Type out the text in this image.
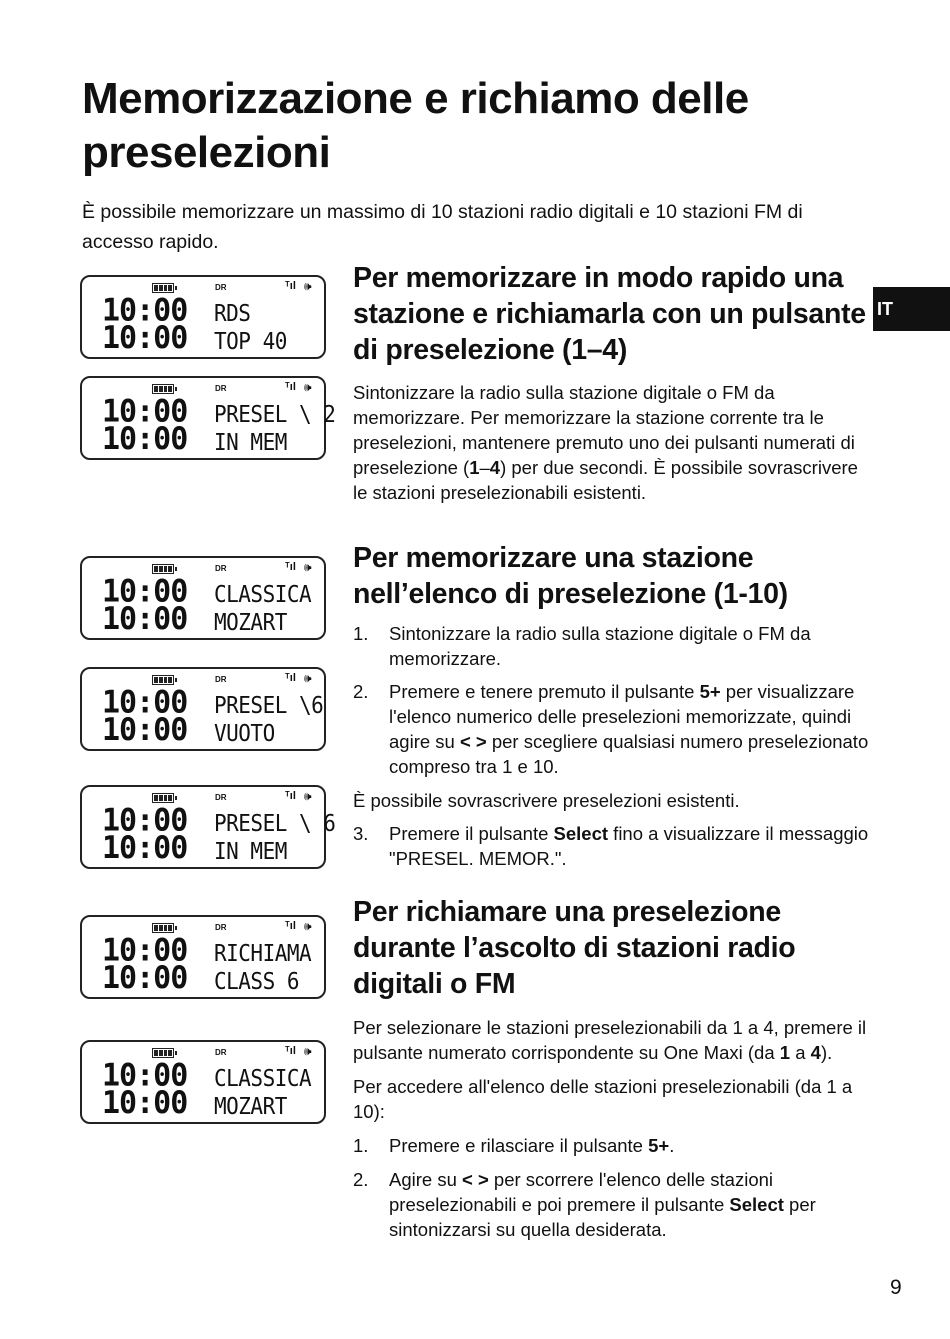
Memorizzazione e richiamo delle preselezioni

È possibile memorizzare un massimo di 10 stazioni radio digitali e 10 stazioni FM di accesso rapido.

IT
9
DR	ᵀıl 🕪
10:00
10:00
RDS
TOP 40
DR	ᵀıl 🕪
10:00
10:00
PRESEL \ 2
IN MEM
DR	ᵀıl 🕪
10:00
10:00
CLASSICA
MOZART
DR	ᵀıl 🕪
10:00
10:00
PRESEL \6
VUOTO
DR	ᵀıl 🕪
10:00
10:00
PRESEL \ 6
IN MEM
DR	ᵀıl 🕪
10:00
10:00
RICHIAMA
CLASS 6
DR	ᵀıl 🕪
10:00
10:00
CLASSICA
MOZART
Per memorizzare in modo rapido una stazione e richiamarla con un pulsante di preselezione (1–4)

Sintonizzare la radio sulla stazione digitale o FM da memorizzare. Per memorizzare la stazione corrente tra le preselezioni, mantenere premuto uno dei pulsanti numerati di preselezione (1–4) per due secondi. È possibile sovrascrivere le stazioni preselezionabili esistenti.

Per memorizzare una stazione nell’elenco di preselezione (1-10)
1. Sintonizzare la radio sulla stazione digitale o FM da memorizzare.
2. Premere e tenere premuto il pulsante 5+ per visualizzare l'elenco numerico delle preselezioni memorizzate, quindi agire su < > per scegliere qualsiasi numero preselezionato compreso tra 1 e 10.

È possibile sovrascrivere preselezioni esistenti.

3. Premere il pulsante Select fino a visualizzare il messaggio "PRESEL. MEMOR.".
Per richiamare una preselezione durante l’ascolto di stazioni radio digitali o FM

Per selezionare le stazioni preselezionabili da 1 a 4, premere il pulsante numerato corrispondente su One Maxi (da 1 a 4).

Per accedere all'elenco delle stazioni preselezionabili (da 1 a 10):

1. Premere e rilasciare il pulsante 5+.
2. Agire su < > per scorrere l'elenco delle stazioni preselezionabili e poi premere il pulsante Select per sintonizzarsi su quella desiderata.
